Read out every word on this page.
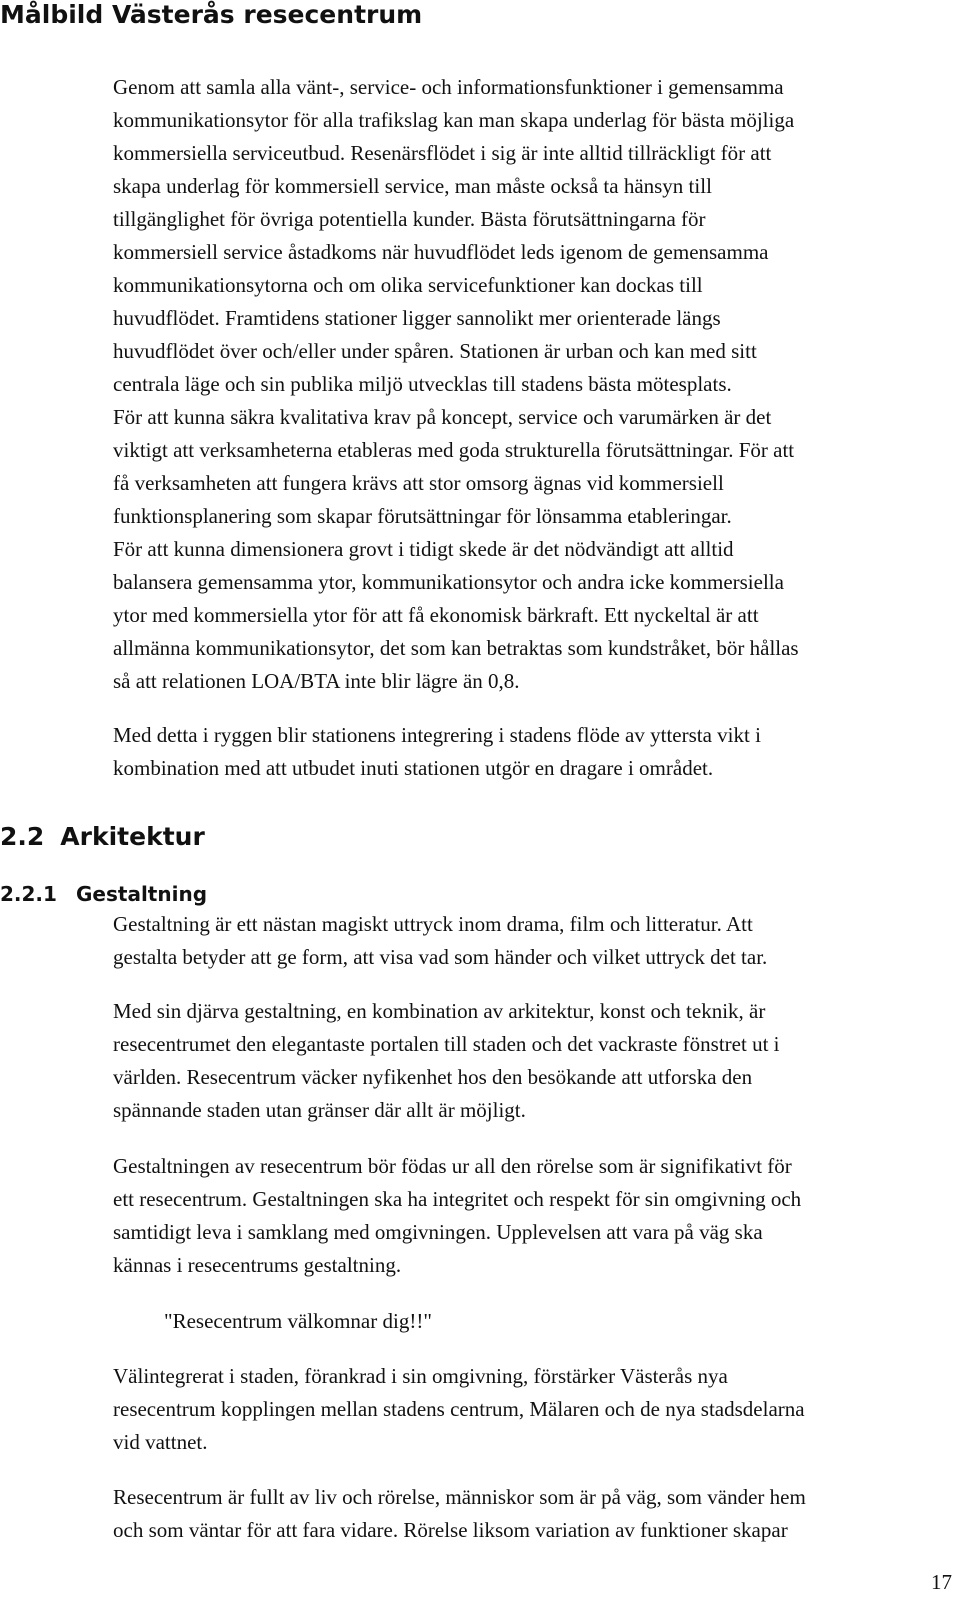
Målbild Västerås resecentrum
Genom att samla alla vänt-, service- och informationsfunktioner i gemensamma
kommunikationsytor för alla trafikslag kan man skapa underlag för bästa möjliga
kommersiella serviceutbud. Resenärsflödet i sig är inte alltid tillräckligt för att
skapa underlag för kommersiell service, man måste också ta hänsyn till
tillgänglighet för övriga potentiella kunder. Bästa förutsättningarna för
kommersiell service åstadkoms när huvudflödet leds igenom de gemensamma
kommunikationsytorna och om olika servicefunktioner kan dockas till
huvudflödet. Framtidens stationer ligger sannolikt mer orienterade längs
huvudflödet över och/eller under spåren. Stationen är urban och kan med sitt
centrala läge och sin publika miljö utvecklas till stadens bästa mötesplats.
För att kunna säkra kvalitativa krav på koncept, service och varumärken är det
viktigt att verksamheterna etableras med goda strukturella förutsättningar. För att
få verksamheten att fungera krävs att stor omsorg ägnas vid kommersiell
funktionsplanering som skapar förutsättningar för lönsamma etableringar.
För att kunna dimensionera grovt i tidigt skede är det nödvändigt att alltid
balansera gemensamma ytor, kommunikationsytor och andra icke kommersiella
ytor med kommersiella ytor för att få ekonomisk bärkraft. Ett nyckeltal är att
allmänna kommunikationsytor, det som kan betraktas som kundstråket, bör hållas
så att relationen LOA/BTA inte blir lägre än 0,8.
Med detta i ryggen blir stationens integrering i stadens flöde av yttersta vikt i
kombination med att utbudet inuti stationen utgör en dragare i området.
2.2 Arkitektur
2.2.1 Gestaltning
Gestaltning är ett nästan magiskt uttryck inom drama, film och litteratur. Att
gestalta betyder att ge form, att visa vad som händer och vilket uttryck det tar.
Med sin djärva gestaltning, en kombination av arkitektur, konst och teknik, är
resecentrumet den elegantaste portalen till staden och det vackraste fönstret ut i
världen. Resecentrum väcker nyfikenhet hos den besökande att utforska den
spännande staden utan gränser där allt är möjligt.
Gestaltningen av resecentrum bör födas ur all den rörelse som är signifikativt för
ett resecentrum. Gestaltningen ska ha integritet och respekt för sin omgivning och
samtidigt leva i samklang med omgivningen. Upplevelsen att vara på väg ska
kännas i resecentrums gestaltning.
"Resecentrum välkomnar dig!!"
Välintegrerat i staden, förankrad i sin omgivning, förstärker Västerås nya
resecentrum kopplingen mellan stadens centrum, Mälaren och de nya stadsdelarna
vid vattnet.
Resecentrum är fullt av liv och rörelse, människor som är på väg, som vänder hem
och som väntar för att fara vidare. Rörelse liksom variation av funktioner skapar
17
